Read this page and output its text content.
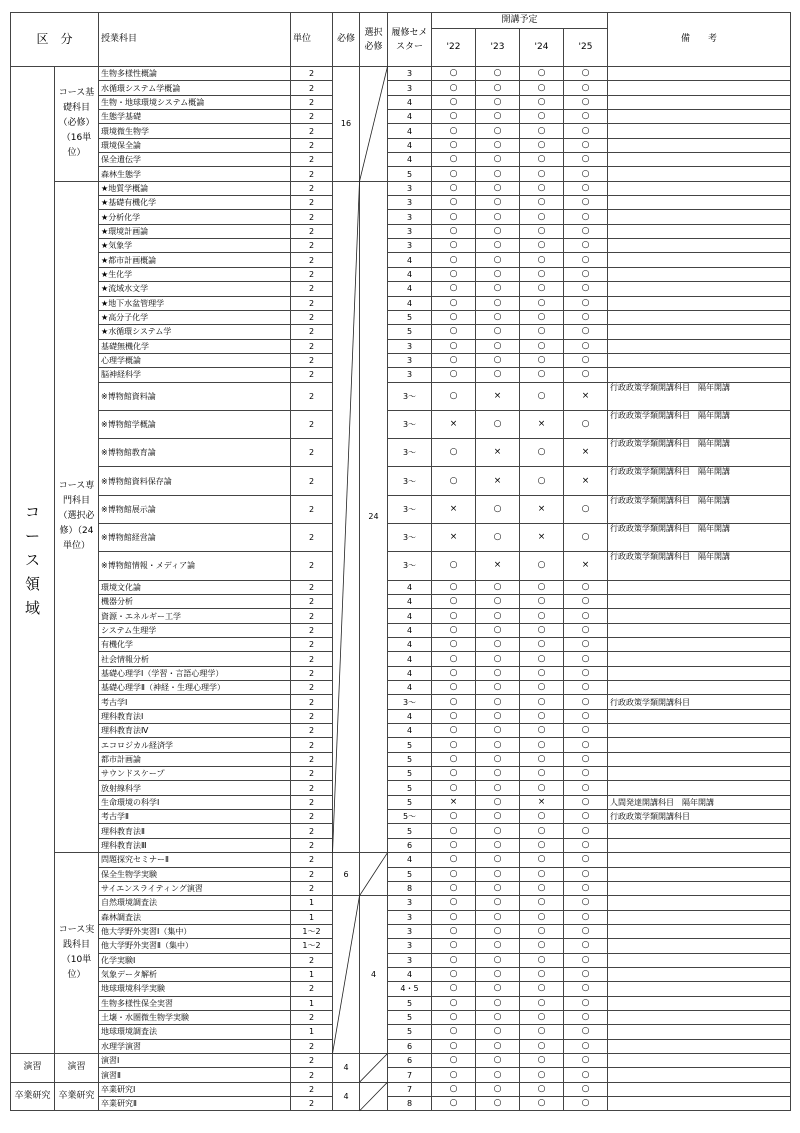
区　分		授業科目	単位	必修	選択必修	履修セメスター	開講予定				備　　考
							'22	'23	'24	'25	

コース領域	コース基礎科目（必修）（16単位）	生物多様性概論	2	16		3	○	○	○	○	
		水循環システム学概論	2			3	○	○	○	○	
		生物・地球環境システム概論	2			4	○	○	○	○	
		生態学基礎	2			4	○	○	○	○	
		環境微生物学	2			4	○	○	○	○	
		環境保全論	2			4	○	○	○	○	
		保全遺伝学	2			4	○	○	○	○	
		森林生態学	2			5	○	○	○	○	
	コース専門科目（選択必修）（24単位）	★地質学概論	2		24	3	○	○	○	○	
		★基礎有機化学	2			3	○	○	○	○	
		★分析化学	2			3	○	○	○	○	
		★環境計画論	2			3	○	○	○	○	
		★気象学	2			3	○	○	○	○	
		★都市計画概論	2			4	○	○	○	○	
		★生化学	2			4	○	○	○	○	
		★流域水文学	2			4	○	○	○	○	
		★地下水盆管理学	2			4	○	○	○	○	
		★高分子化学	2			5	○	○	○	○	
		★水循環システム学	2			5	○	○	○	○	
		基礎無機化学	2			3	○	○	○	○	
		心理学概論	2			3	○	○	○	○	
		脳神経科学	2			3	○	○	○	○	
		※博物館資料論	2			3～	○	×	○	×	行政政策学類開講科目　隔年開講
		※博物館学概論	2			3～	×	○	×	○	行政政策学類開講科目　隔年開講
		※博物館教育論	2			3～	○	×	○	×	行政政策学類開講科目　隔年開講
		※博物館資料保存論	2			3～	○	×	○	×	行政政策学類開講科目　隔年開講
		※博物館展示論	2			3～	×	○	×	○	行政政策学類開講科目　隔年開講
		※博物館経営論	2			3～	×	○	×	○	行政政策学類開講科目　隔年開講
		※博物館情報・メディア論	2			3～	○	×	○	×	行政政策学類開講科目　隔年開講
		環境文化論	2			4	○	○	○	○	
		機器分析	2			4	○	○	○	○	
		資源・エネルギー工学	2			4	○	○	○	○	
		システム生理学	2			4	○	○	○	○	
		有機化学	2			4	○	○	○	○	
		社会情報分析	2			4	○	○	○	○	
		基礎心理学Ⅰ（学習・言語心理学）	2			4	○	○	○	○	
		基礎心理学Ⅱ（神経・生理心理学）	2			4	○	○	○	○	
		考古学Ⅰ	2			3～	○	○	○	○	行政政策学類開講科目
		理科教育法Ⅰ	2			4	○	○	○	○	
		理科教育法Ⅳ	2			4	○	○	○	○	
		エコロジカル経済学	2			5	○	○	○	○	
		都市計画論	2			5	○	○	○	○	
		サウンドスケープ	2			5	○	○	○	○	
		放射線科学	2			5	○	○	○	○	
		生命環境の科学Ⅰ	2			5	×	○	×	○	人間発達開講科目　隔年開講
		考古学Ⅱ	2			5～	○	○	○	○	行政政策学類開講科目
		理科教育法Ⅱ	2			5	○	○	○	○	
		理科教育法Ⅲ	2			6	○	○	○	○	
	コース実践科目（10単位）	問題探究セミナーⅡ	2	6		4	○	○	○	○	
		保全生物学実験	2			5	○	○	○	○	
		サイエンスライティング演習	2			8	○	○	○	○	
		自然環境調査法	1		4	3	○	○	○	○	
		森林調査法	1			3	○	○	○	○	
		他大学野外実習Ⅰ（集中）	1～2			3	○	○	○	○	
		他大学野外実習Ⅱ（集中）	1～2			3	○	○	○	○	
		化学実験Ⅰ	2			3	○	○	○	○	
		気象データ解析	1			4	○	○	○	○	
		地球環境科学実験	2			4・5	○	○	○	○	
		生物多様性保全実習	1			5	○	○	○	○	
		土壌・水圏微生物学実験	2			5	○	○	○	○	
		地球環境調査法	1			5	○	○	○	○	
		水理学演習	2			6	○	○	○	○	
演習	演習	演習Ⅰ	2	4		6	○	○	○	○	
		演習Ⅱ	2			7	○	○	○	○	
卒業研究	卒業研究	卒業研究Ⅰ	2	4		7	○	○	○	○	
		卒業研究Ⅱ	2			8	○	○	○	○	
